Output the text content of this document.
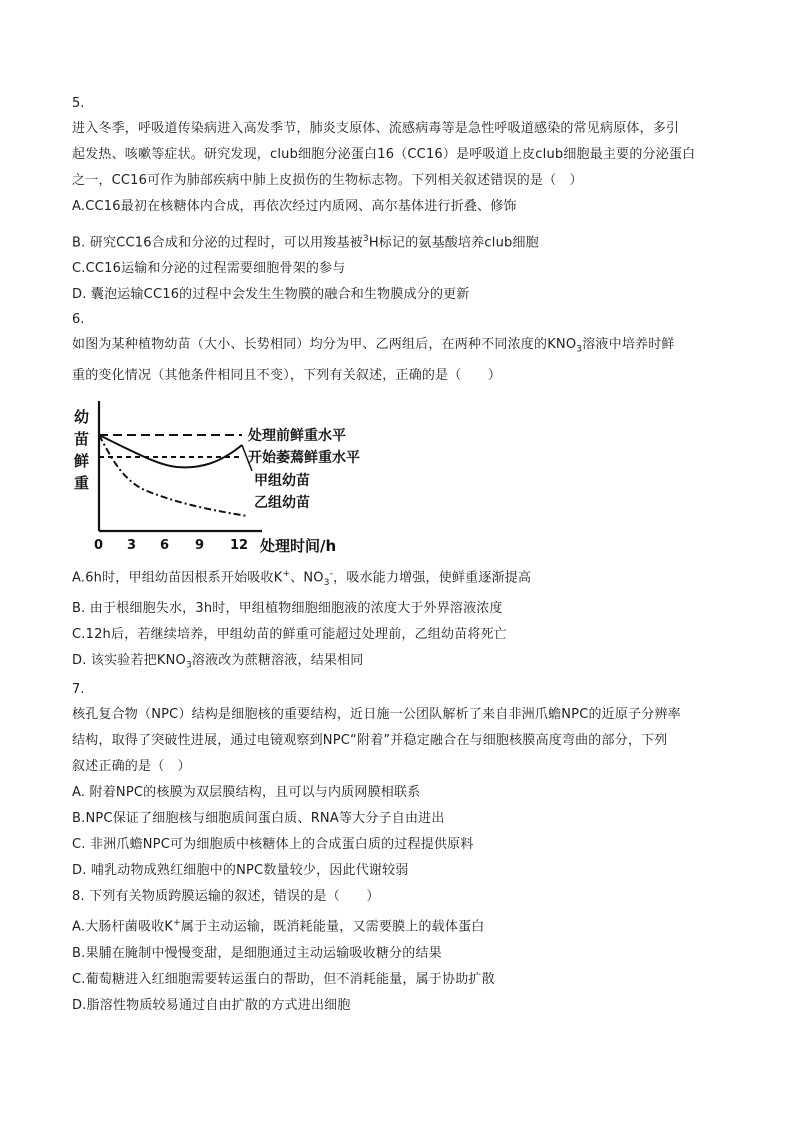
5.
进入冬季，呼吸道传染病进入高发季节，肺炎支原体、流感病毒等是急性呼吸道感染的常见病原体，多引
起发热、咳嗽等症状。研究发现，club细胞分泌蛋白16（CC16）是呼吸道上皮club细胞最主要的分泌蛋白
之一，CC16可作为肺部疾病中肺上皮损伤的生物标志物。下列相关叙述错误的是（　）
A.CC16最初在核糖体内合成，再依次经过内质网、高尔基体进行折叠、修饰
B. 研究CC16合成和分泌的过程时，可以用羧基被$^3$H标记的氨基酸培养club细胞
C.CC16运输和分泌的过程需要细胞骨架的参与
D. 囊泡运输CC16的过程中会发生生物膜的融合和生物膜成分的更新
6.
如图为某种植物幼苗（大小、长势相同）均分为甲、乙两组后，在两种不同浓度的$KNO_3$溶液中培养时鲜
重的变化情况（其他条件相同且不变），下列有关叙述，正确的是（　　）
幼
苗
鲜
重
处理前鲜重水平
开始萎蔫鲜重水平
甲组幼苗
乙组幼苗
0 3 6 9 12 处理时间/h
A.6h时，甲组幼苗因根系开始吸收K+、$NO_3^-$，吸水能力增强，使鲜重逐渐提高
B. 由于根细胞失水，3h时，甲组植物细胞细胞液的浓度大于外界溶液浓度
C.12h后，若继续培养，甲组幼苗的鲜重可能超过处理前，乙组幼苗将死亡
D. 该实验若把$KNO_3$溶液改为蔗糖溶液，结果相同
7.
核孔复合物（NPC）结构是细胞核的重要结构，近日施一公团队解析了来自非洲爪蟾NPC的近原子分辨率
结构，取得了突破性进展，通过电镜观察到NPC“附着”并稳定融合在与细胞核膜高度弯曲的部分，下列
叙述正确的是（　）
A. 附着NPC的核膜为双层膜结构，且可以与内质网膜相联系
B.NPC保证了细胞核与细胞质间蛋白质、RNA等大分子自由进出
C. 非洲爪蟾NPC可为细胞质中核糖体上的合成蛋白质的过程提供原料
D. 哺乳动物成熟红细胞中的NPC数量较少，因此代谢较弱
8. 下列有关物质跨膜运输的叙述，错误的是（　　）
A.大肠杆菌吸收K+属于主动运输，既消耗能量，又需要膜上的载体蛋白
B.果脯在腌制中慢慢变甜，是细胞通过主动运输吸收糖分的结果
C.葡萄糖进入红细胞需要转运蛋白的帮助，但不消耗能量，属于协助扩散
D.脂溶性物质较易通过自由扩散的方式进出细胞
